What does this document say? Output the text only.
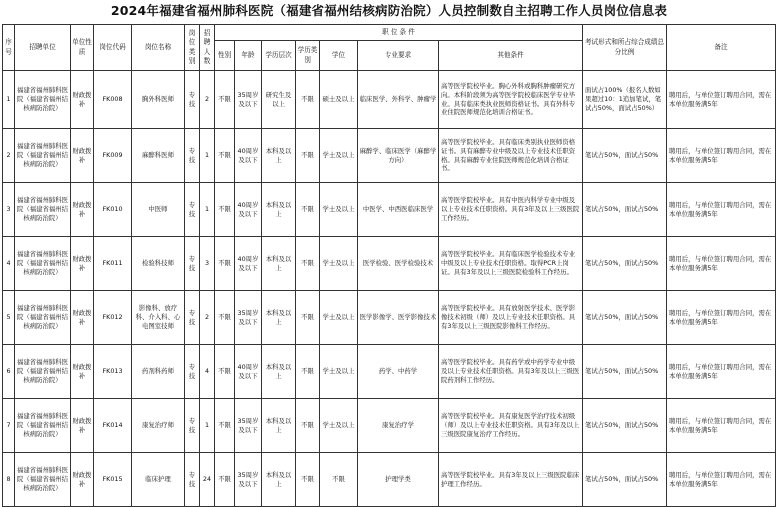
2024年福建省福州肺科医院（福建省福州结核病防治院）人员控制数自主招聘工作人员岗位信息表
序号	招聘单位	单位性质	岗位代码	岗位名称	岗位类别	招聘人数	职 位 条 件							考试形式和所占综合成绩总分比例	备注
							性别	年龄	学历层次	学历类别	学位	专业要求	其他条件		
1	福建省福州肺科医院（福建省福州结核病防治院）	财政拨补	FK008	胸外科医师	专技	2	不限	35周岁及以下	研究生及以上	不限	硕士及以上	临床医学、外科学、肿瘤学	高等医学院校毕业。胸心外科或胸科肿瘤研究方向。本科阶段须为高等医学院校临床医学专业毕业。具有临床类执业医师资格证书。具有外科专业住院医师规范化培训合格证书。	面试占100%（报名人数如果超过10：1追加笔试，笔试占50%，面试占50%）	聘用后，与单位签订聘用合同，需在本单位服务满5年
2	福建省福州肺科医院（福建省福州结核病防治院）	财政拨补	FK009	麻醉科医师	专技	1	不限	40周岁及以下	本科及以上	不限	学士及以上	麻醉学、临床医学（麻醉学方向）	高等医学院校毕业。具有临床类别执业医师资格证书。具有麻醉专业中级及以上专业技术任职资格。具有麻醉专业住院医师规范化培训合格证书。	笔试占50%，面试占50%	聘用后，与单位签订聘用合同，需在本单位服务满5年
3	福建省福州肺科医院（福建省福州结核病防治院）	财政拨补	FK010	中医师	专技	1	不限	40周岁及以下	本科及以上	不限	学士及以上	中医学、中西医临床医学	高等医学院校毕业。具有中医内科学专业中级及以上专业技术任职资格。具有3年及以上三级医院工作经历。	笔试占50%，面试占50%	聘用后，与单位签订聘用合同，需在本单位服务满5年
4	福建省福州肺科医院（福建省福州结核病防治院）	财政拨补	FK011	检验科技师	专技	3	不限	40周岁及以下	本科及以上	不限	学士及以上	医学检验、医学检验技术	高等医学院校毕业。具有临床医学检验技术专业中级及以上专业技术任职资格。取得PCR上岗证。具有3年及以上三级医院检验科工作经历。	笔试占50%，面试占50%	聘用后，与单位签订聘用合同，需在本单位服务满5年
5	福建省福州肺科医院（福建省福州结核病防治院）	财政拨补	FK012	影像科、放疗科、介入科、心电图室技师	专技	2	不限	35周岁及以下	本科及以上	不限	学士及以上	医学影像学、医学影像技术	高等医学院校毕业。具有放射医学技术、医学影像技术初级（师）及以上专业技术任职资格。具有3年及以上三级医院影像科工作经历。	笔试占50%，面试占50%	聘用后，与单位签订聘用合同，需在本单位服务满5年
6	福建省福州肺科医院（福建省福州结核病防治院）	财政拨补	FK013	药剂科药师	专技	4	不限	40周岁及以下	本科及以上	不限	学士及以上	药学、中药学	高等医学院校毕业。具有药学或中药学专业中级及以上专业技术任职资格。具有3年及以上三级医院药剂科工作经历。	笔试占50%，面试占50%	聘用后，与单位签订聘用合同，需在本单位服务满5年
7	福建省福州肺科医院（福建省福州结核病防治院）	财政拨补	FK014	康复治疗师	专技	1	不限	35周岁及以下	本科及以上	不限	学士及以上	康复治疗学	高等医学院校毕业。具有康复医学治疗技术初级（师）及以上专业技术任职资格。具有3年及以上三级医院康复治疗工作经历。	笔试占50%，面试占50%	聘用后，与单位签订聘用合同，需在本单位服务满5年
8	福建省福州肺科医院（福建省福州结核病防治院）	财政拨补	FK015	临床护理	专技	24	不限	35周岁及以下	本科及以上	不限	不限	护理学类	高等医学院校毕业。具有3年及以上三级医院临床护理工作经历。	笔试占50%，面试占50%	聘用后，与单位签订聘用合同，需在本单位服务满5年
